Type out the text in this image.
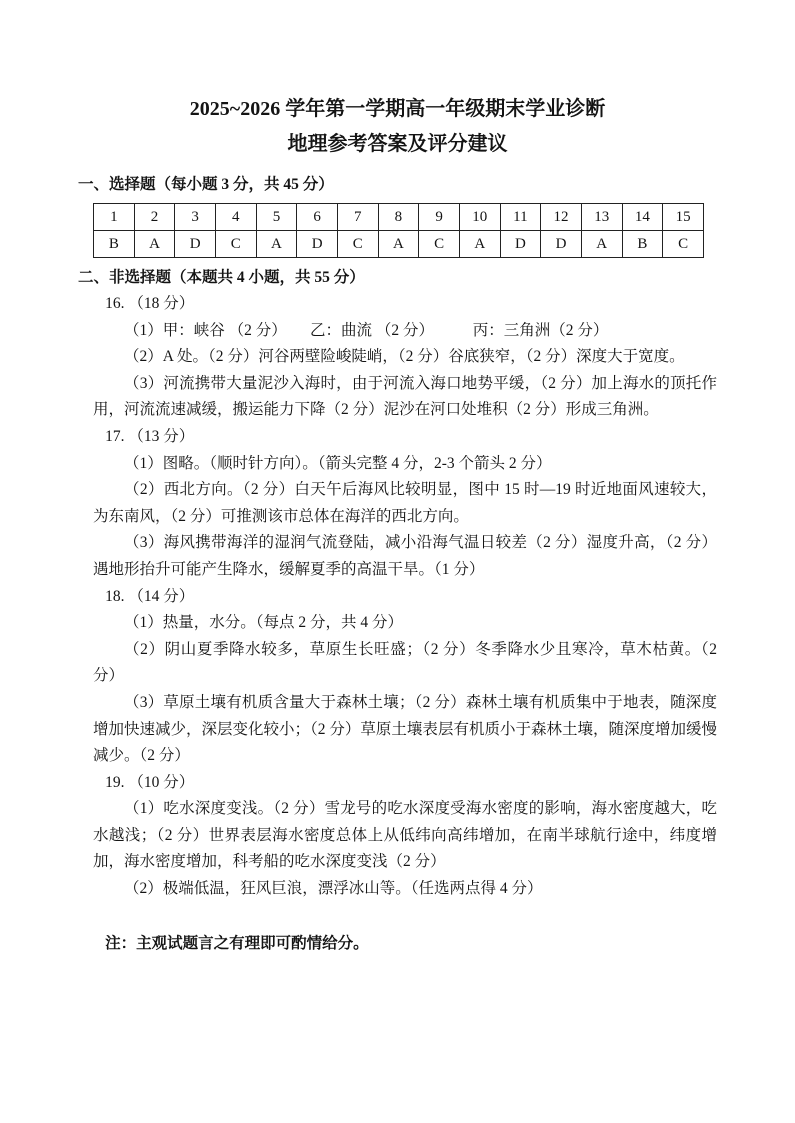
2025~2026 学年第一学期高一年级期末学业诊断
地理参考答案及评分建议

一、选择题（每小题 3 分，共 45 分）

1	2	3	4	5	6	7	8	9	10	11	12	13	14	15
B	A	D	C	A	D	C	A	C	A	D	D	A	B	C

二、非选择题（本题共 4 小题，共 55 分）

16. （18 分）

（1）甲：峡谷 （2 分）　　乙：曲流 （2 分）　　　丙：三角洲（2 分）

（2）A 处。（2 分）河谷两壁险峻陡峭，（2 分）谷底狭窄，（2 分）深度大于宽度。

（3）河流携带大量泥沙入海时，由于河流入海口地势平缓，（2 分）加上海水的顶托作用，河流流速减缓，搬运能力下降（2 分）泥沙在河口处堆积（2 分）形成三角洲。

17. （13 分）

（1）图略。（顺时针方向）。（箭头完整 4 分，2-3 个箭头 2 分）

（2）西北方向。（2 分）白天午后海风比较明显，图中 15 时—19 时近地面风速较大，为东南风，（2 分）可推测该市总体在海洋的西北方向。

（3）海风携带海洋的湿润气流登陆，减小沿海气温日较差（2 分）湿度升高，（2 分）遇地形抬升可能产生降水，缓解夏季的高温干旱。（1 分）

18. （14 分）

（1）热量，水分。（每点 2 分，共 4 分）

（2）阴山夏季降水较多，草原生长旺盛；（2 分）冬季降水少且寒冷，草木枯黄。（2 分）

（3）草原土壤有机质含量大于森林土壤；（2 分）森林土壤有机质集中于地表，随深度增加快速减少，深层变化较小；（2 分）草原土壤表层有机质小于森林土壤，随深度增加缓慢减少。（2 分）

19. （10 分）

（1）吃水深度变浅。（2 分）雪龙号的吃水深度受海水密度的影响，海水密度越大，吃水越浅；（2 分）世界表层海水密度总体上从低纬向高纬增加，在南半球航行途中，纬度增加，海水密度增加，科考船的吃水深度变浅（2 分）

（2）极端低温，狂风巨浪，漂浮冰山等。（任选两点得 4 分）

注：主观试题言之有理即可酌情给分。
